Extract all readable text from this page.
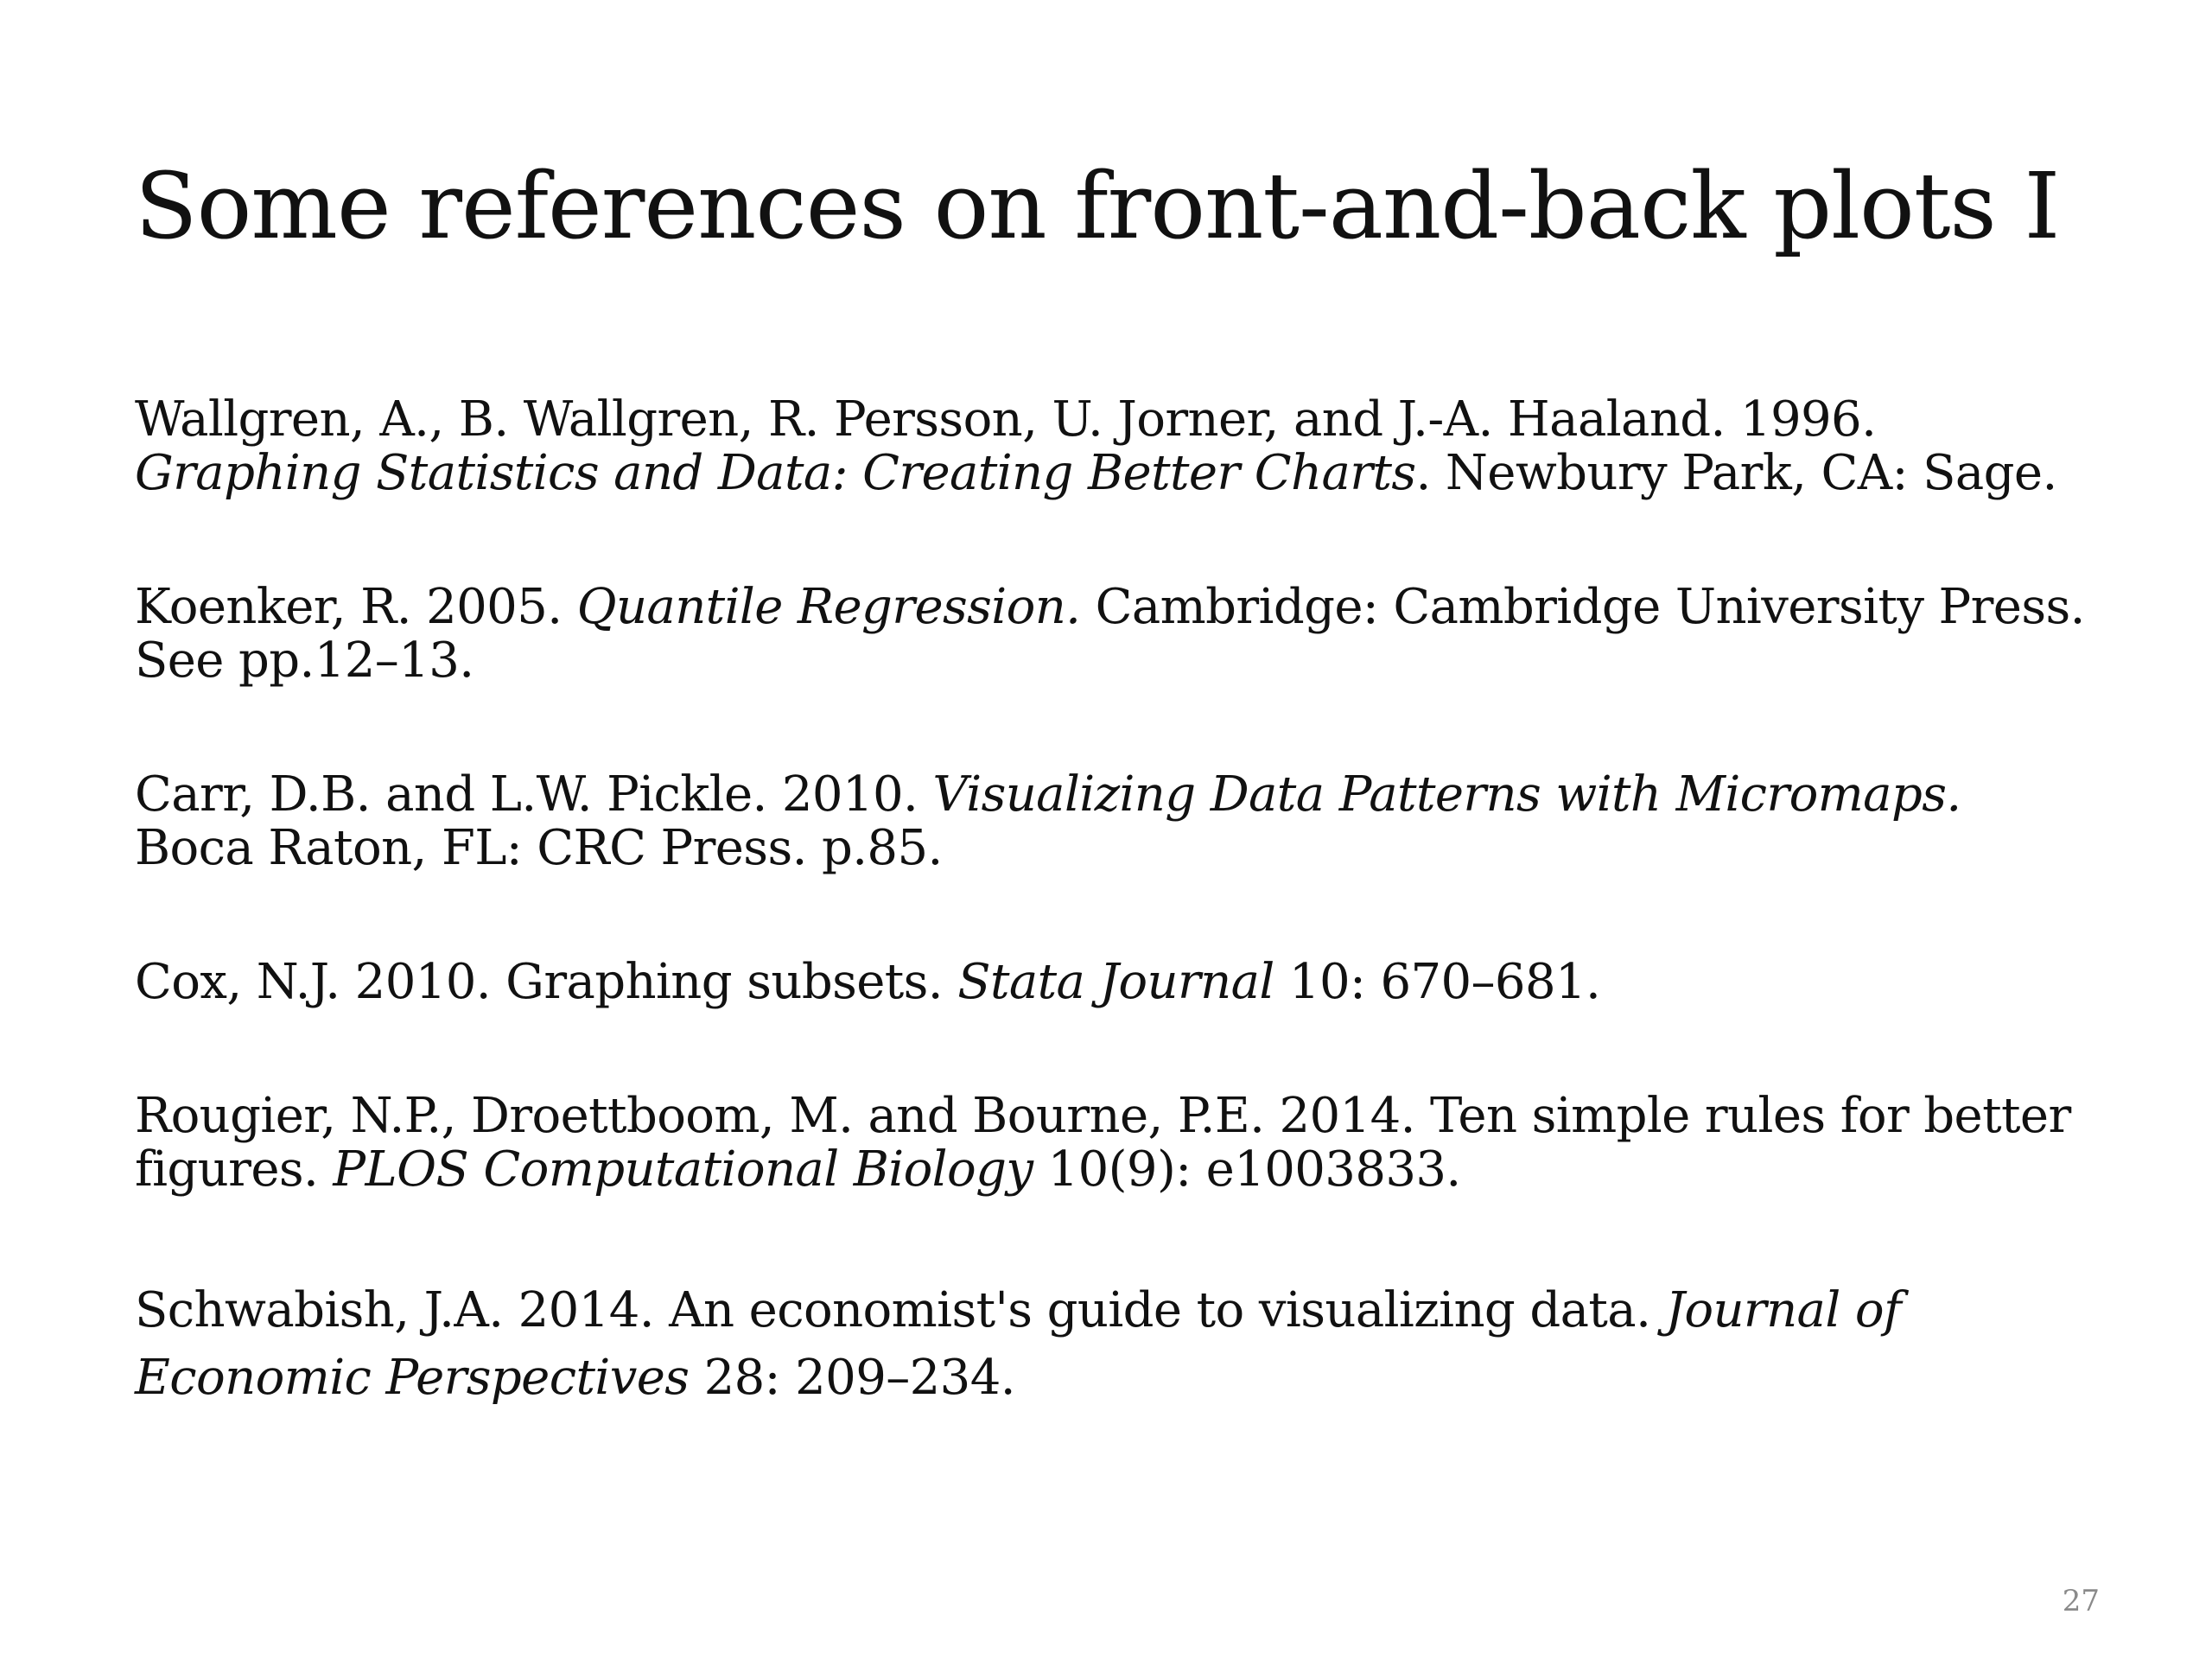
Some references on front-and-back plots I
Wallgren, A., B. Wallgren, R. Persson, U. Jorner, and J.-A. Haaland. 1996. Graphing Statistics and Data: Creating Better Charts. Newbury Park, CA: Sage.
Koenker, R. 2005. Quantile Regression. Cambridge: Cambridge University Press. See pp.12–13.
Carr, D.B. and L.W. Pickle. 2010. Visualizing Data Patterns with Micromaps. Boca Raton, FL: CRC Press. p.85.
Cox, N.J. 2010. Graphing subsets. Stata Journal 10: 670–681.
Rougier, N.P., Droettboom, M. and Bourne, P.E. 2014. Ten simple rules for better figures. PLOS Computational Biology 10(9): e1003833.
Schwabish, J.A. 2014. An economist's guide to visualizing data. Journal of Economic Perspectives 28: 209–234.
27
